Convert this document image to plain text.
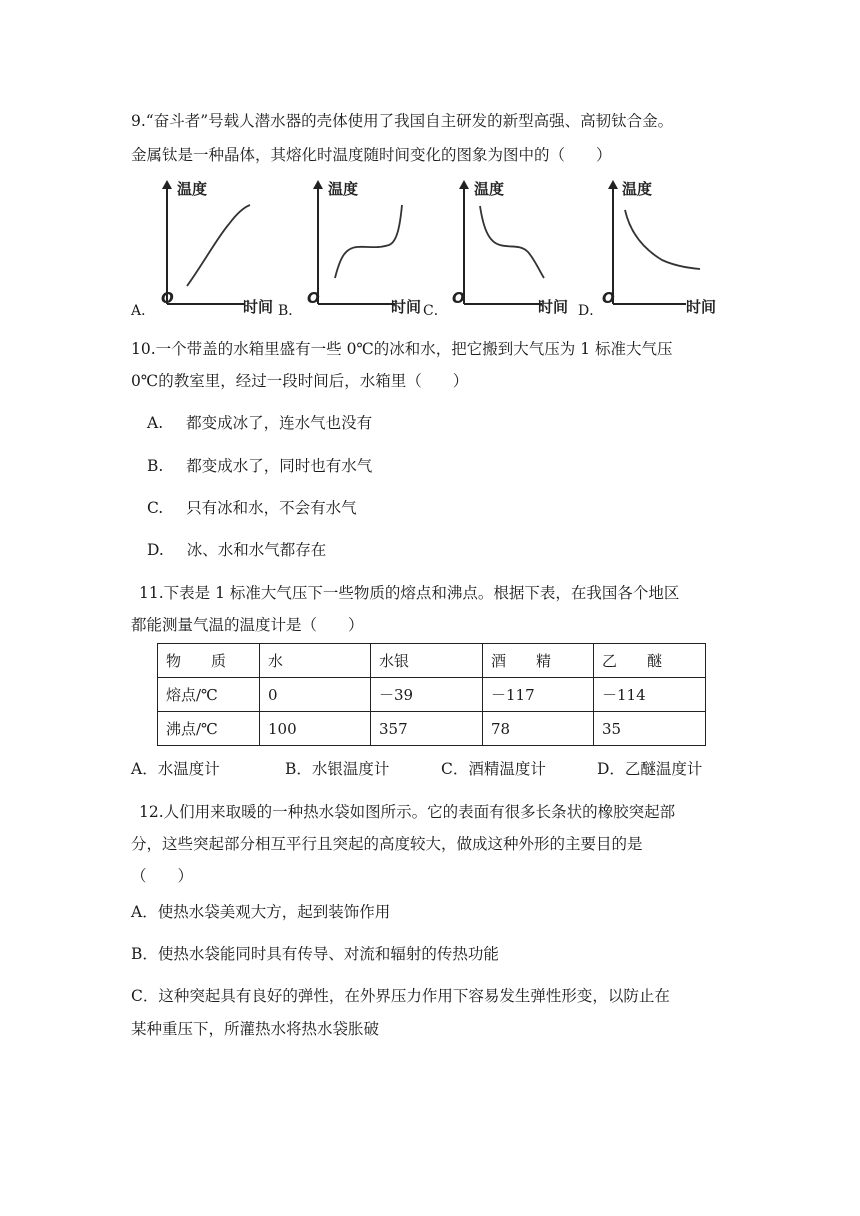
9.“奋斗者”号载人潜水器的壳体使用了我国自主研发的新型高强、高韧钛合金。
金属钛是一种晶体，其熔化时温度随时间变化的图象为图中的（　　）
温度
O	时间
温度
O	时间
温度
O	时间
温度
O	时间
A．	B．	C．	D．
10.一个带盖的水箱里盛有一些 0℃的冰和水，把它搬到大气压为 1 标准大气压
0℃的教室里，经过一段时间后，水箱里（　　）
A. 都变成冰了，连水气也没有
B. 都变成水了，同时也有水气
C. 只有冰和水，不会有水气
D. 冰、水和水气都存在
11.下表是 1 标准大气压下一些物质的熔点和沸点。根据下表，在我国各个地区
都能测量气温的温度计是（　　）
物　　质	水	水银	酒　　精	乙　　醚
熔点/℃	0	－39	－117	－114
沸点/℃	100	357	78	35
A．水温度计	B．水银温度计	C．酒精温度计	D．乙醚温度计
12.人们用来取暖的一种热水袋如图所示。它的表面有很多长条状的橡胶突起部
分，这些突起部分相互平行且突起的高度较大，做成这种外形的主要目的是
（　　）
A．使热水袋美观大方，起到装饰作用
B．使热水袋能同时具有传导、对流和辐射的传热功能
C．这种突起具有良好的弹性，在外界压力作用下容易发生弹性形变，以防止在
某种重压下，所灌热水将热水袋胀破
